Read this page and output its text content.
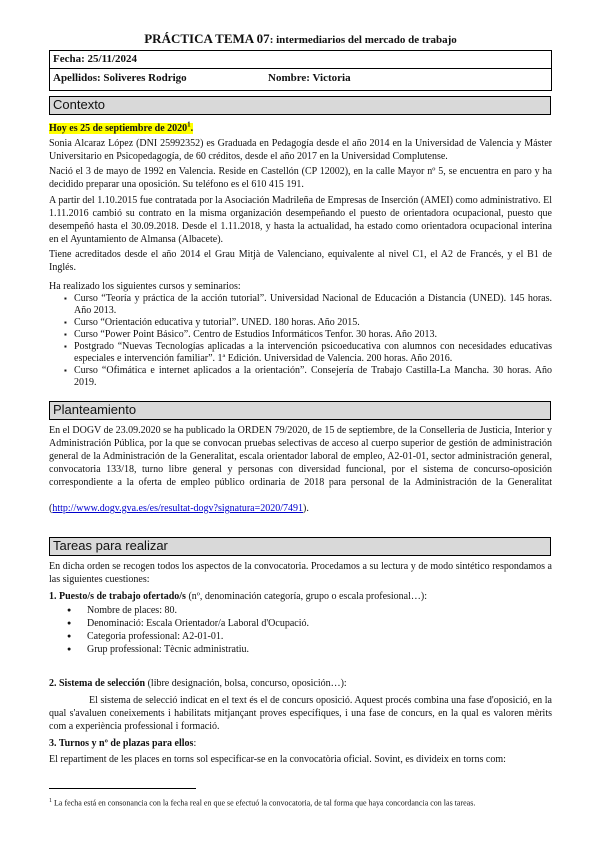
PRÁCTICA TEMA 07: intermediarios del mercado de trabajo
Fecha: 25/11/2024
Apellidos: Soliveres Rodrigo	Nombre: Victoria
Contexto
Hoy es 25 de septiembre de 2020$^1$.
Sonia Alcaraz López (DNI 25992352) es Graduada en Pedagogía desde el año 2014 en la Universidad de Valencia y Máster Universitario en Psicopedagogía, de 60 créditos, desde el año 2017 en la Universidad Complutense.
Nació el 3 de mayo de 1992 en Valencia. Reside en Castellón (CP 12002), en la calle Mayor nº 5, se encuentra en paro y ha decidido preparar una oposición. Su teléfono es el 610 415 191.
A partir del 1.10.2015 fue contratada por la Asociación Madrileña de Empresas de Inserción (AMEI) como administrativo. El 1.11.2016 cambió su contrato en la misma organización desempeñando el puesto de orientadora ocupacional, puesto que desempeñó hasta el 30.09.2018. Desde el 1.11.2018, y hasta la actualidad, ha estado como orientadora ocupacional interina en el Ayuntamiento de Almansa (Albacete).
Tiene acreditados desde el año 2014 el Grau Mitjà de Valenciano, equivalente al nivel C1, el A2 de Francés, y el B1 de Inglés.
Ha realizado los siguientes cursos y seminarios:
▪ Curso “Teoría y práctica de la acción tutorial”. Universidad Nacional de Educación a Distancia (UNED). 145 horas. Año 2013.
▪ Curso “Orientación educativa y tutorial”. UNED. 180 horas. Año 2015.
▪ Curso “Power Point Básico”. Centro de Estudios Informáticos Tenfor. 30 horas. Año 2013.
▪ Postgrado “Nuevas Tecnologías aplicadas a la intervención psicoeducativa con alumnos con necesidades educativas especiales e intervención familiar”. 1ª Edición. Universidad de Valencia. 200 horas. Año 2016.
▪ Curso “Ofimática e internet aplicados a la orientación”. Consejería de Trabajo Castilla-La Mancha. 30 horas. Año 2019.
Planteamiento
En el DOGV de 23.09.2020 se ha publicado la ORDEN 79/2020, de 15 de septiembre, de la Conselleria de Justicia, Interior y Administración Pública, por la que se convocan pruebas selectivas de acceso al cuerpo superior de gestión de administración general de la Administración de la Generalitat, escala orientador laboral de empleo, A2-01-01, sector administración general, convocatoria 133/18, turno libre general y personas con diversidad funcional, por el sistema de concurso-oposición correspondiente a la oferta de empleo público ordinaria de 2018 para personal de la Administración de la Generalitat
(http://www.dogv.gva.es/es/resultat-dogv?signatura=2020/7491).
Tareas para realizar
En dicha orden se recogen todos los aspectos de la convocatoria. Procedamos a su lectura y de modo sintético respondamos a las siguientes cuestiones:
1. Puesto/s de trabajo ofertado/s (nº, denominación categoría, grupo o escala profesional…):
● Nombre de places: 80.
● Denominació: Escala Orientador/a Laboral d'Ocupació.
● Categoria professional: A2-01-01.
● Grup professional: Tècnic administratiu.
2. Sistema de selección (libre designación, bolsa, concurso, oposición…):
El sistema de selecció indicat en el text és el de concurs oposició. Aquest procés combina una fase d'oposició, en la qual s'avaluen coneixements i habilitats mitjançant proves específiques, i una fase de concurs, en la qual es valoren mèrits com a experiència professional i formació.
3. Turnos y nº de plazas para ellos:
El repartiment de les places en torns sol especificar-se en la convocatòria oficial. Sovint, es divideix en torns com:
$^1$ La fecha está en consonancia con la fecha real en que se efectuó la convocatoria, de tal forma que haya concordancia con las tareas.
